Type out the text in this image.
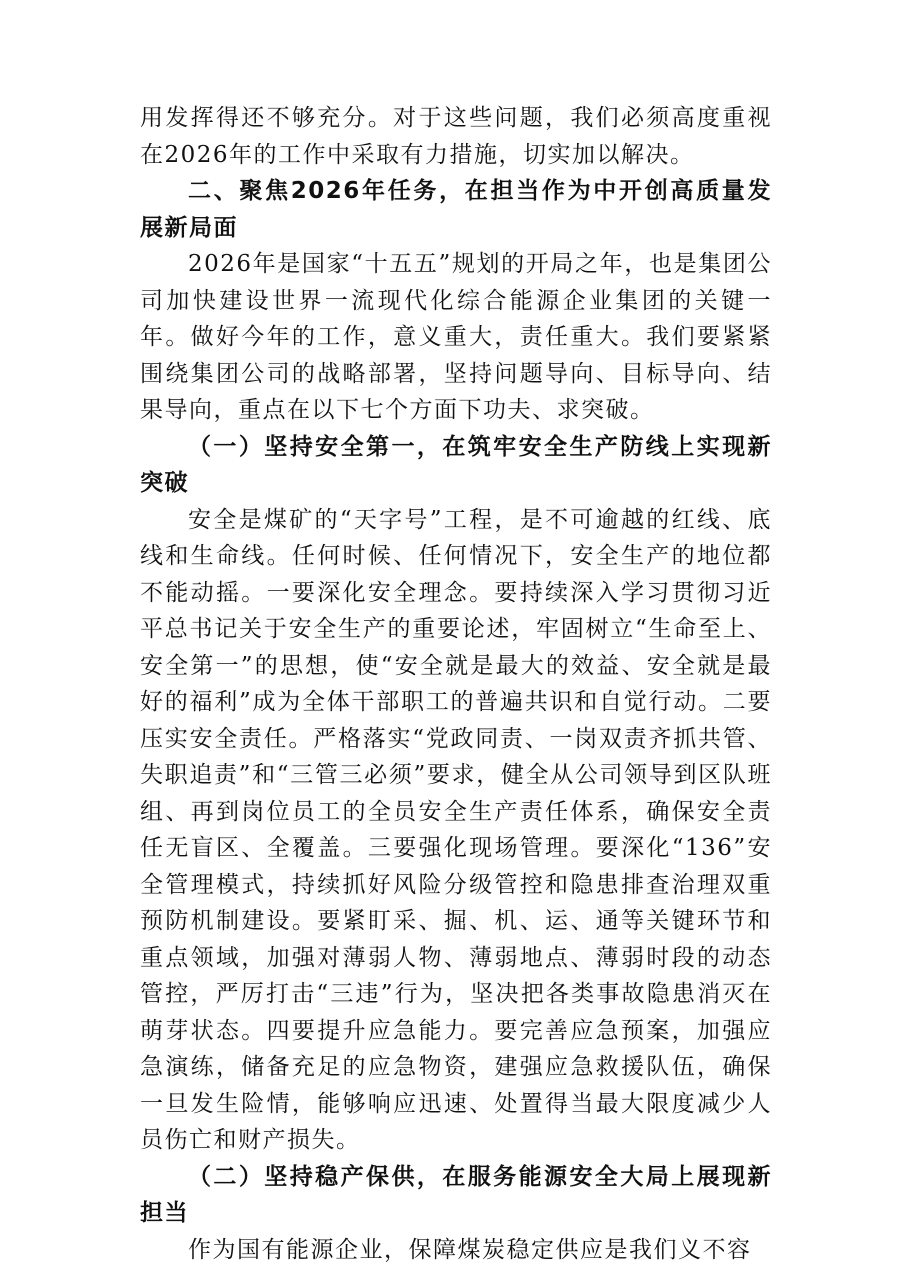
用发挥得还不够充分。对于这些问题，我们必须高度重视在2026年的工作中采取有力措施，切实加以解决。

二、聚焦2026年任务，在担当作为中开创高质量发展新局面

2026年是国家“十五五”规划的开局之年，也是集团公司加快建设世界一流现代化综合能源企业集团的关键一年。做好今年的工作，意义重大，责任重大。我们要紧紧围绕集团公司的战略部署，坚持问题导向、目标导向、结果导向，重点在以下七个方面下功夫、求突破。

（一）坚持安全第一，在筑牢安全生产防线上实现新突破

安全是煤矿的“天字号”工程，是不可逾越的红线、底线和生命线。任何时候、任何情况下，安全生产的地位都不能动摇。一要深化安全理念。要持续深入学习贯彻习近平总书记关于安全生产的重要论述，牢固树立“生命至上、安全第一”的思想，使“安全就是最大的效益、安全就是最好的福利”成为全体干部职工的普遍共识和自觉行动。二要压实安全责任。严格落实“党政同责、一岗双责齐抓共管、失职追责”和“三管三必须”要求，健全从公司领导到区队班组、再到岗位员工的全员安全生产责任体系，确保安全责任无盲区、全覆盖。三要强化现场管理。要深化“136”安全管理模式，持续抓好风险分级管控和隐患排查治理双重预防机制建设。要紧盯采、掘、机、运、通等关键环节和重点领域，加强对薄弱人物、薄弱地点、薄弱时段的动态管控，严厉打击“三违”行为，坚决把各类事故隐患消灭在萌芽状态。四要提升应急能力。要完善应急预案，加强应急演练，储备充足的应急物资，建强应急救援队伍，确保一旦发生险情，能够响应迅速、处置得当最大限度减少人员伤亡和财产损失。

（二）坚持稳产保供，在服务能源安全大局上展现新担当

作为国有能源企业，保障煤炭稳定供应是我们义不容
